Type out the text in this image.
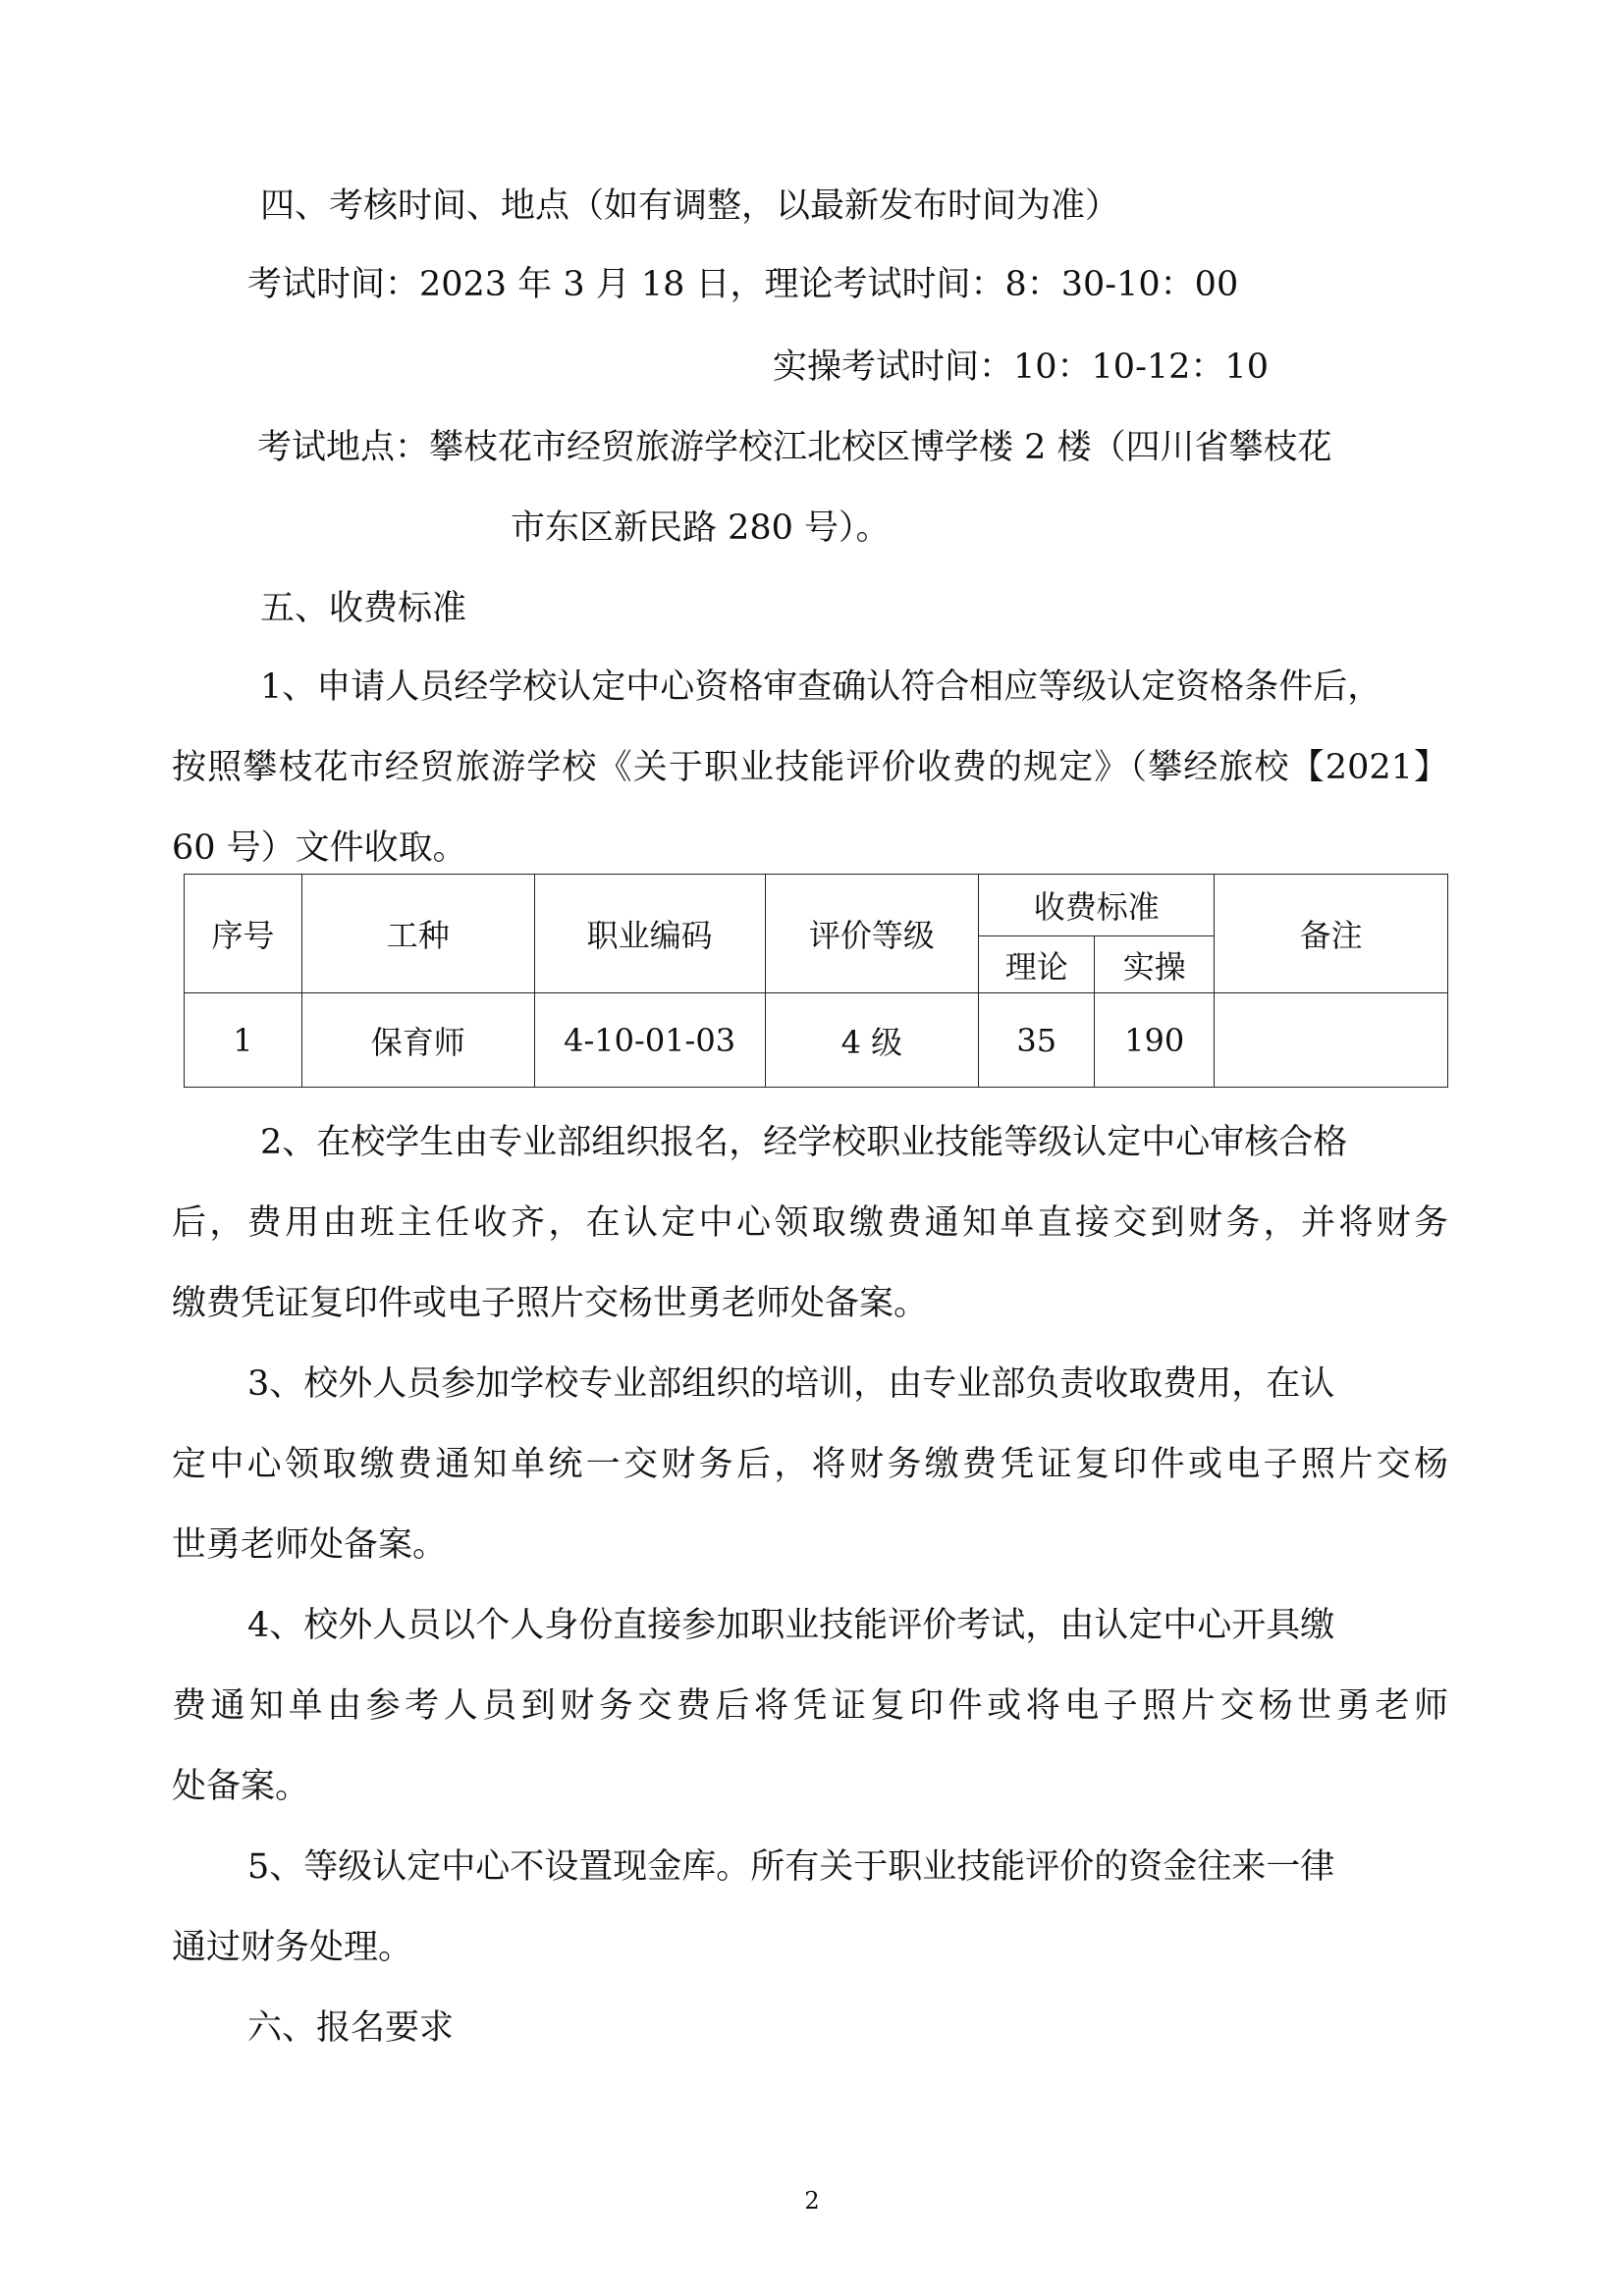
四、考核时间、地点（如有调整，以最新发布时间为准）
考试时间：2023 年 3 月 18 日，理论考试时间：8：30-10：00
实操考试时间：10：10-12：10
考试地点：攀枝花市经贸旅游学校江北校区博学楼 2 楼（四川省攀枝花
市东区新民路 280 号）。
五、收费标准
1、申请人员经学校认定中心资格审查确认符合相应等级认定资格条件后，
按照攀枝花市经贸旅游学校《关于职业技能评价收费的规定》（攀经旅校【2021】
60 号）文件收取。
序号	工种	职业编码	评价等级	收费标准		备注
				理论	实操	
1	保育师	4-10-01-03	4 级	35	190	
2、在校学生由专业部组织报名，经学校职业技能等级认定中心审核合格
后，费用由班主任收齐，在认定中心领取缴费通知单直接交到财务，并将财务
缴费凭证复印件或电子照片交杨世勇老师处备案。
3、校外人员参加学校专业部组织的培训，由专业部负责收取费用，在认
定中心领取缴费通知单统一交财务后，将财务缴费凭证复印件或电子照片交杨
世勇老师处备案。
4、校外人员以个人身份直接参加职业技能评价考试，由认定中心开具缴
费通知单由参考人员到财务交费后将凭证复印件或将电子照片交杨世勇老师
处备案。
5、等级认定中心不设置现金库。所有关于职业技能评价的资金往来一律
通过财务处理。
六、报名要求
2
